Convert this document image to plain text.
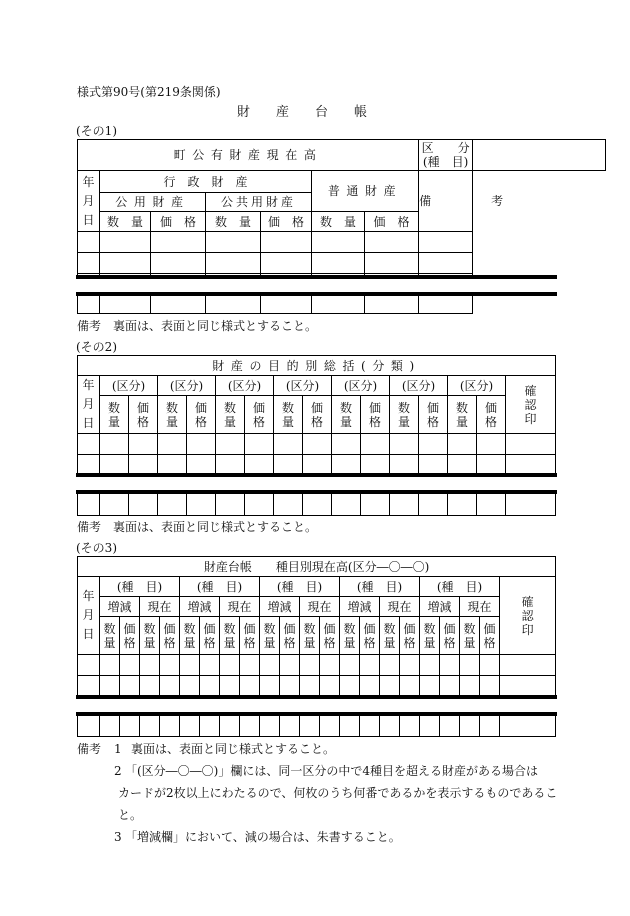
様式第90号(第219条関係)
財　　産　　台　　帳
(その1)
町公有財産現在高							区　　分
(種　目)	

年
月
日	行　政　財　産				普通財産		備　　　　　考	
	公用財産		公共用財産					
	数　量	価　格	数　量	価　格	数　量	価　格		

備考　裏面は、表面と同じ様式とすること。
(その2)
財産の目的別総括(分類)															
年
月
日	(区分)		(区分)		(区分)		(区分)		(区分)		(区分)		(区分)		確認印
	数量	価格	数量	価格	数量	価格	数量	価格	数量	価格	数量	価格	数量	価格	

備考　裏面は、表面と同じ様式とすること。
(その3)
財産台帳　　種目別現在高(区分―〇―〇)																					
年
月
日	(種　目)				(種　目)				(種　目)				(種　目)				(種　目)				確認印
	増減		現在		増減		現在		増減		現在		増減		現在		増減		現在		
	数量	価格	数量	価格	数量	価格	数量	価格	数量	価格	数量	価格	数量	価格	数量	価格	数量	価格	数量	価格	

備考 1 裏面は、表面と同じ様式とすること。
2 「(区分―〇―〇)」欄には、同一区分の中で4種目を超える財産がある場合は
カードが2枚以上にわたるので、何枚のうち何番であるかを表示するものであるこ
と。
3 「増減欄」において、減の場合は、朱書すること。
